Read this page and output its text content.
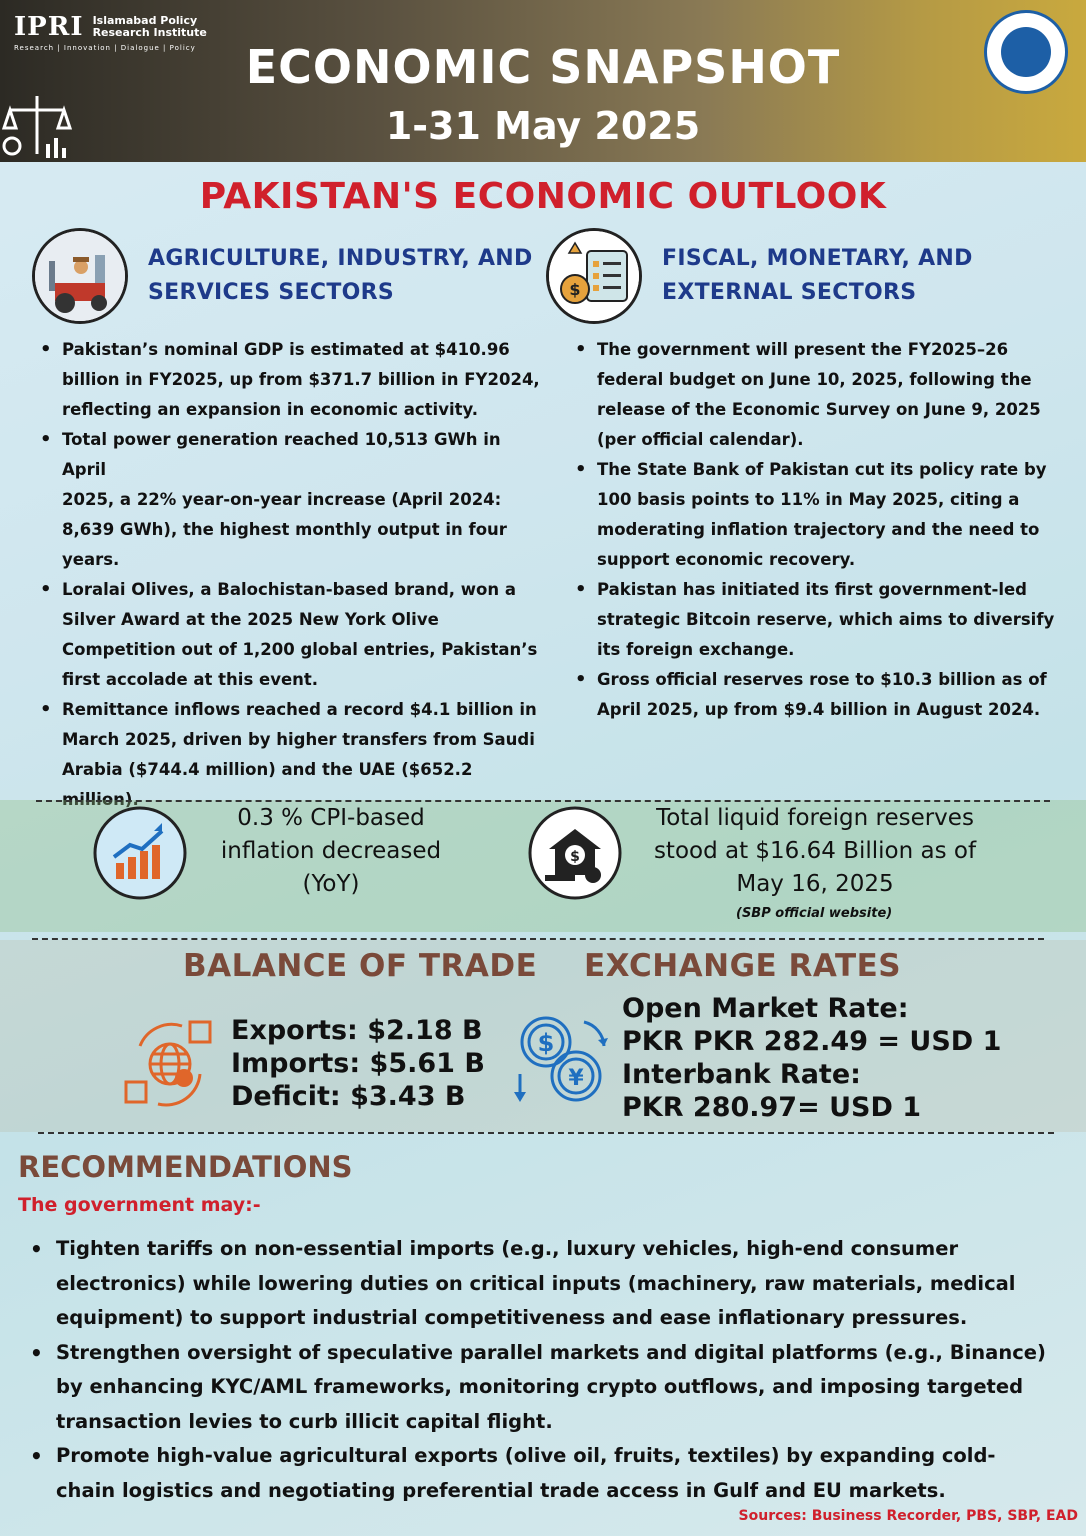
IPRI Islamabad Policy
Research Institute
Research | Innovation | Dialogue | Policy	ECONOMIC SNAPSHOT
1-31 May 2025
PAKISTAN'S ECONOMIC OUTLOOK
AGRICULTURE, INDUSTRY, AND
SERVICES SECTORS	$
FISCAL, MONETARY, AND
EXTERNAL SECTORS
• Pakistan’s nominal GDP is estimated at $410.96
billion in FY2025, up from $371.7 billion in FY2024,
reflecting an expansion in economic activity.
• Total power generation reached 10,513 GWh in April
2025, a 22% year-on-year increase (April 2024:
8,639 GWh), the highest monthly output in four
years.
• Loralai Olives, a Balochistan-based brand, won a
Silver Award at the 2025 New York Olive
Competition out of 1,200 global entries, Pakistan’s
first accolade at this event.
• Remittance inflows reached a record $4.1 billion in
March 2025, driven by higher transfers from Saudi
Arabia ($744.4 million) and the UAE ($652.2
million).
• The government will present the FY2025–26
federal budget on June 10, 2025, following the
release of the Economic Survey on June 9, 2025
(per official calendar).
• The State Bank of Pakistan cut its policy rate by
100 basis points to 11% in May 2025, citing a
moderating inflation trajectory and the need to
support economic recovery.
• Pakistan has initiated its first government-led
strategic Bitcoin reserve, which aims to diversify
its foreign exchange.
• Gross official reserves rose to $10.3 billion as of
April 2025, up from $9.4 billion in August 2024.
0.3 % CPI-based
inflation decreased
(YoY)
$
Total liquid foreign reserves
stood at $16.64 Billion as of
May 16, 2025
(SBP official website)
BALANCE OF TRADE EXCHANGE RATES
Exports: $2.18 B
Imports: $5.61 B
Deficit: $3.43 B
$
¥
Open Market Rate:
PKR PKR 282.49 = USD 1
Interbank Rate:
PKR 280.97= USD 1
RECOMMENDATIONS
The government may:-
• Tighten tariffs on non-essential imports (e.g., luxury vehicles, high-end consumer
electronics) while lowering duties on critical inputs (machinery, raw materials, medical
equipment) to support industrial competitiveness and ease inflationary pressures.
• Strengthen oversight of speculative parallel markets and digital platforms (e.g., Binance)
by enhancing KYC/AML frameworks, monitoring crypto outflows, and imposing targeted
transaction levies to curb illicit capital flight.
• Promote high-value agricultural exports (olive oil, fruits, textiles) by expanding cold-
chain logistics and negotiating preferential trade access in Gulf and EU markets.
Sources: Business Recorder, PBS, SBP, EAD
